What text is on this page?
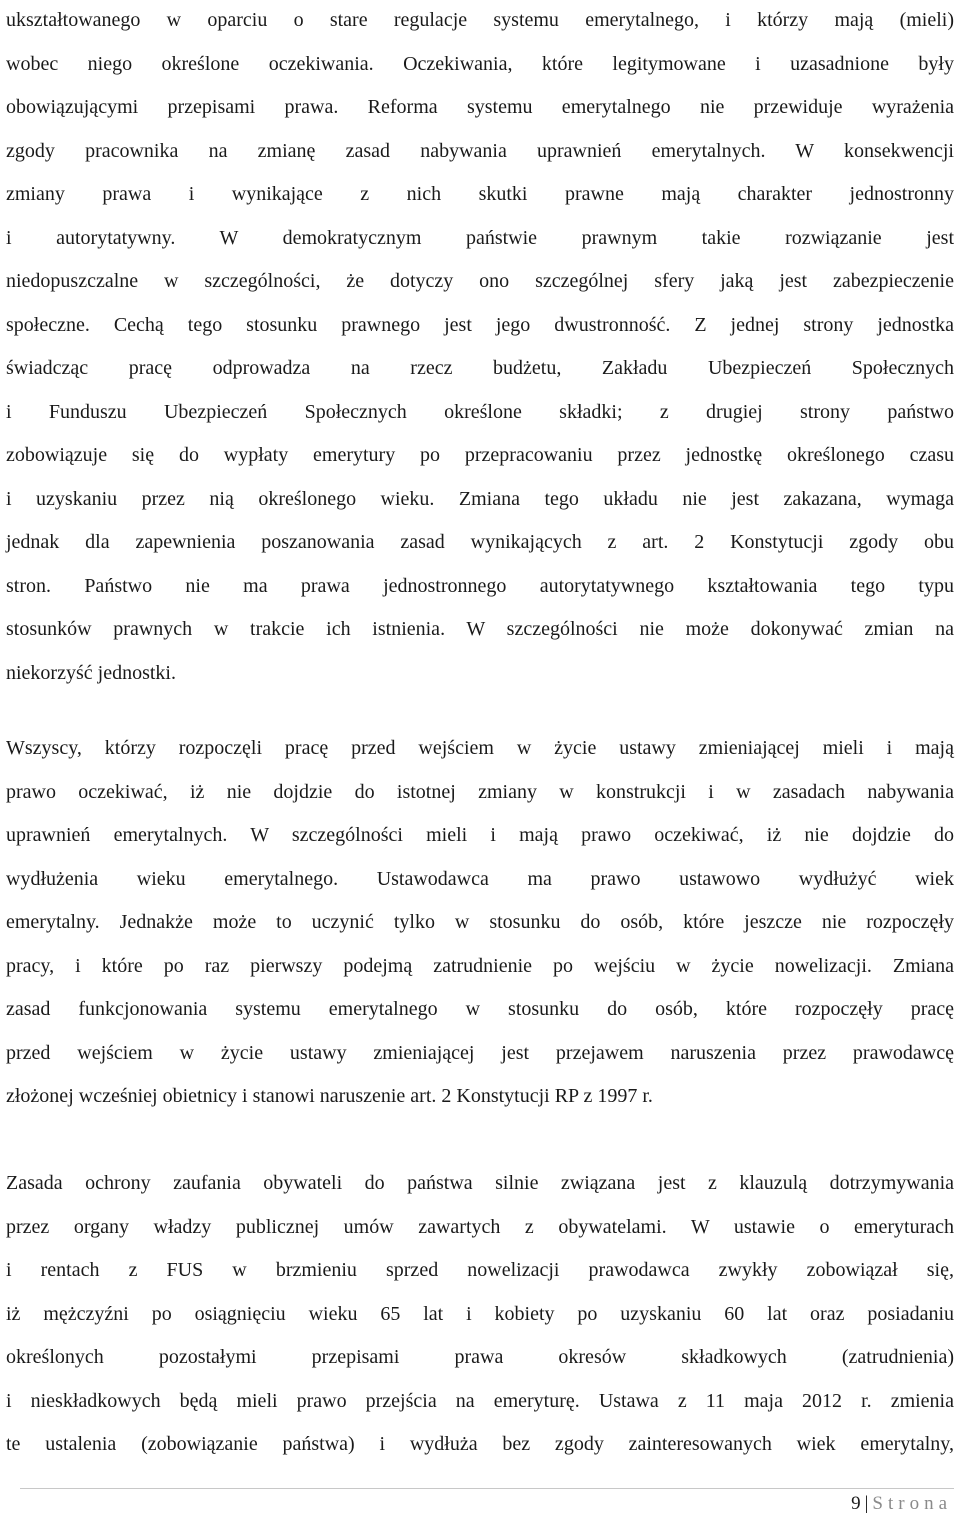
ukształtowanego w oparciu o stare regulacje systemu emerytalnego, i którzy mają (mieli)
wobec niego określone oczekiwania. Oczekiwania, które legitymowane i uzasadnione były
obowiązującymi przepisami prawa. Reforma systemu emerytalnego nie przewiduje wyrażenia
zgody pracownika na zmianę zasad nabywania uprawnień emerytalnych. W konsekwencji
zmiany prawa i wynikające z nich skutki prawne mają charakter jednostronny
i autorytatywny. W demokratycznym państwie prawnym takie rozwiązanie jest
niedopuszczalne w szczególności, że dotyczy ono szczególnej sfery jaką jest zabezpieczenie
społeczne. Cechą tego stosunku prawnego jest jego dwustronność. Z jednej strony jednostka
świadcząc pracę odprowadza na rzecz budżetu, Zakładu Ubezpieczeń Społecznych
i Funduszu Ubezpieczeń Społecznych określone składki; z drugiej strony państwo
zobowiązuje się do wypłaty emerytury po przepracowaniu przez jednostkę określonego czasu
i uzyskaniu przez nią określonego wieku. Zmiana tego układu nie jest zakazana, wymaga
jednak dla zapewnienia poszanowania zasad wynikających z art. 2 Konstytucji zgody obu
stron. Państwo nie ma prawa jednostronnego autorytatywnego kształtowania tego typu
stosunków prawnych w trakcie ich istnienia. W szczególności nie może dokonywać zmian na
niekorzyść jednostki.
Wszyscy, którzy rozpoczęli pracę przed wejściem w życie ustawy zmieniającej mieli i mają
prawo oczekiwać, iż nie dojdzie do istotnej zmiany w konstrukcji i w zasadach nabywania
uprawnień emerytalnych. W szczególności mieli i mają prawo oczekiwać, iż nie dojdzie do
wydłużenia wieku emerytalnego. Ustawodawca ma prawo ustawowo wydłużyć wiek
emerytalny. Jednakże może to uczynić tylko w stosunku do osób, które jeszcze nie rozpoczęły
pracy, i które po raz pierwszy podejmą zatrudnienie po wejściu w życie nowelizacji. Zmiana
zasad funkcjonowania systemu emerytalnego w stosunku do osób, które rozpoczęły pracę
przed wejściem w życie ustawy zmieniającej jest przejawem naruszenia przez prawodawcę
złożonej wcześniej obietnicy i stanowi naruszenie art. 2 Konstytucji RP z 1997 r.
Zasada ochrony zaufania obywateli do państwa silnie związana jest z klauzulą dotrzymywania
przez organy władzy publicznej umów zawartych z obywatelami. W ustawie o emeryturach
i rentach z FUS w brzmieniu sprzed nowelizacji prawodawca zwykły zobowiązał się,
iż mężczyźni po osiągnięciu wieku 65 lat i kobiety po uzyskaniu 60 lat oraz posiadaniu
określonych pozostałymi przepisami prawa okresów składkowych (zatrudnienia)
i nieskładkowych będą mieli prawo przejścia na emeryturę. Ustawa z 11 maja 2012 r. zmienia
te ustalenia (zobowiązanie państwa) i wydłuża bez zgody zainteresowanych wiek emerytalny,
9 | Strona
